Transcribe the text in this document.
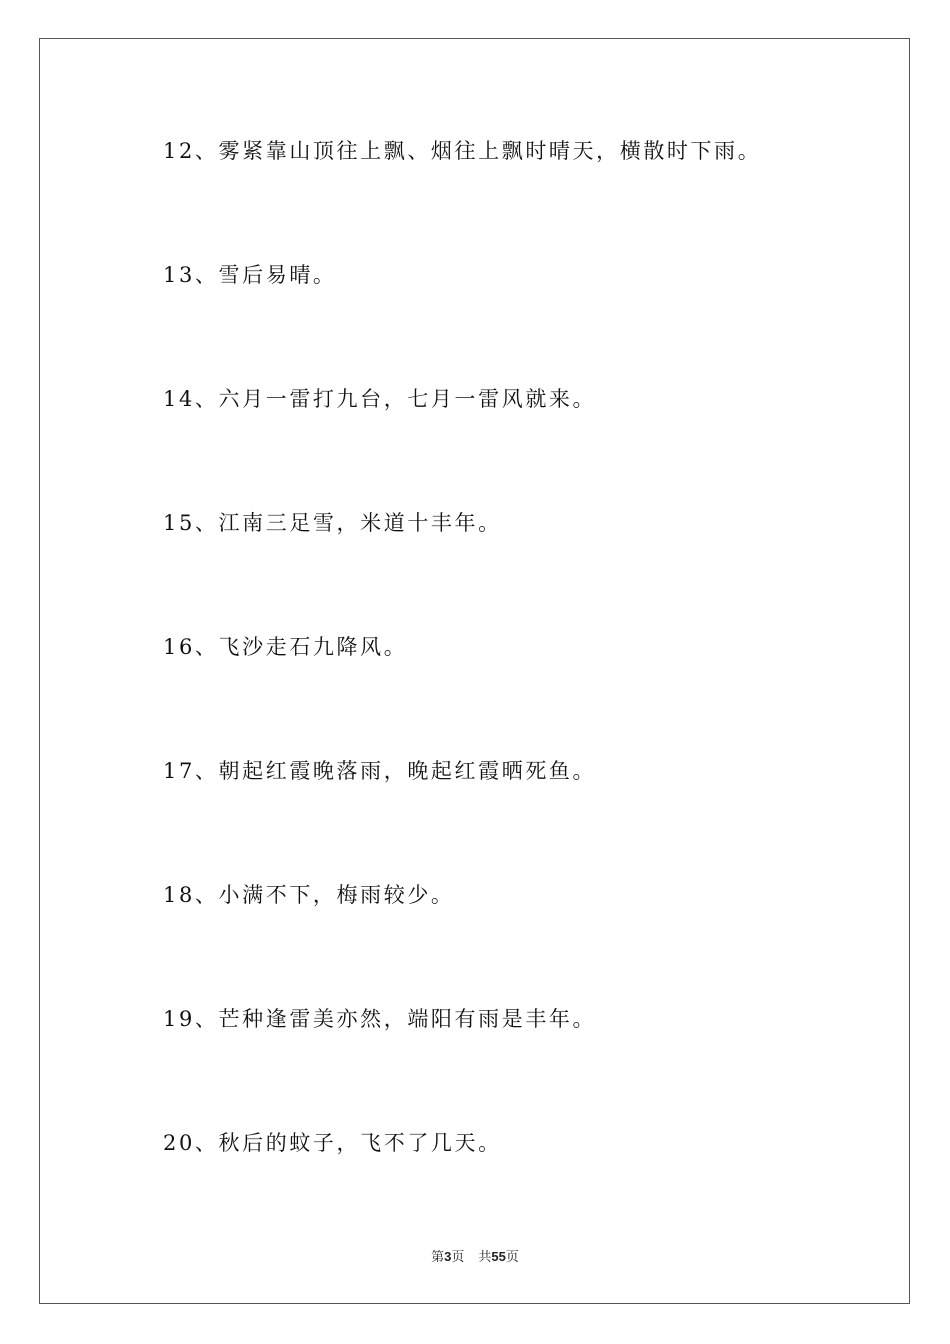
12、雾紧靠山顶往上飘、烟往上飘时晴天，横散时下雨。
13、雪后易晴。
14、六月一雷打九台，七月一雷风就来。
15、江南三足雪，米道十丰年。
16、飞沙走石九降风。
17、朝起红霞晚落雨，晚起红霞晒死鱼。
18、小满不下，梅雨较少。
19、芒种逢雷美亦然，端阳有雨是丰年。
20、秋后的蚊子，飞不了几天。
第3页 共55页
